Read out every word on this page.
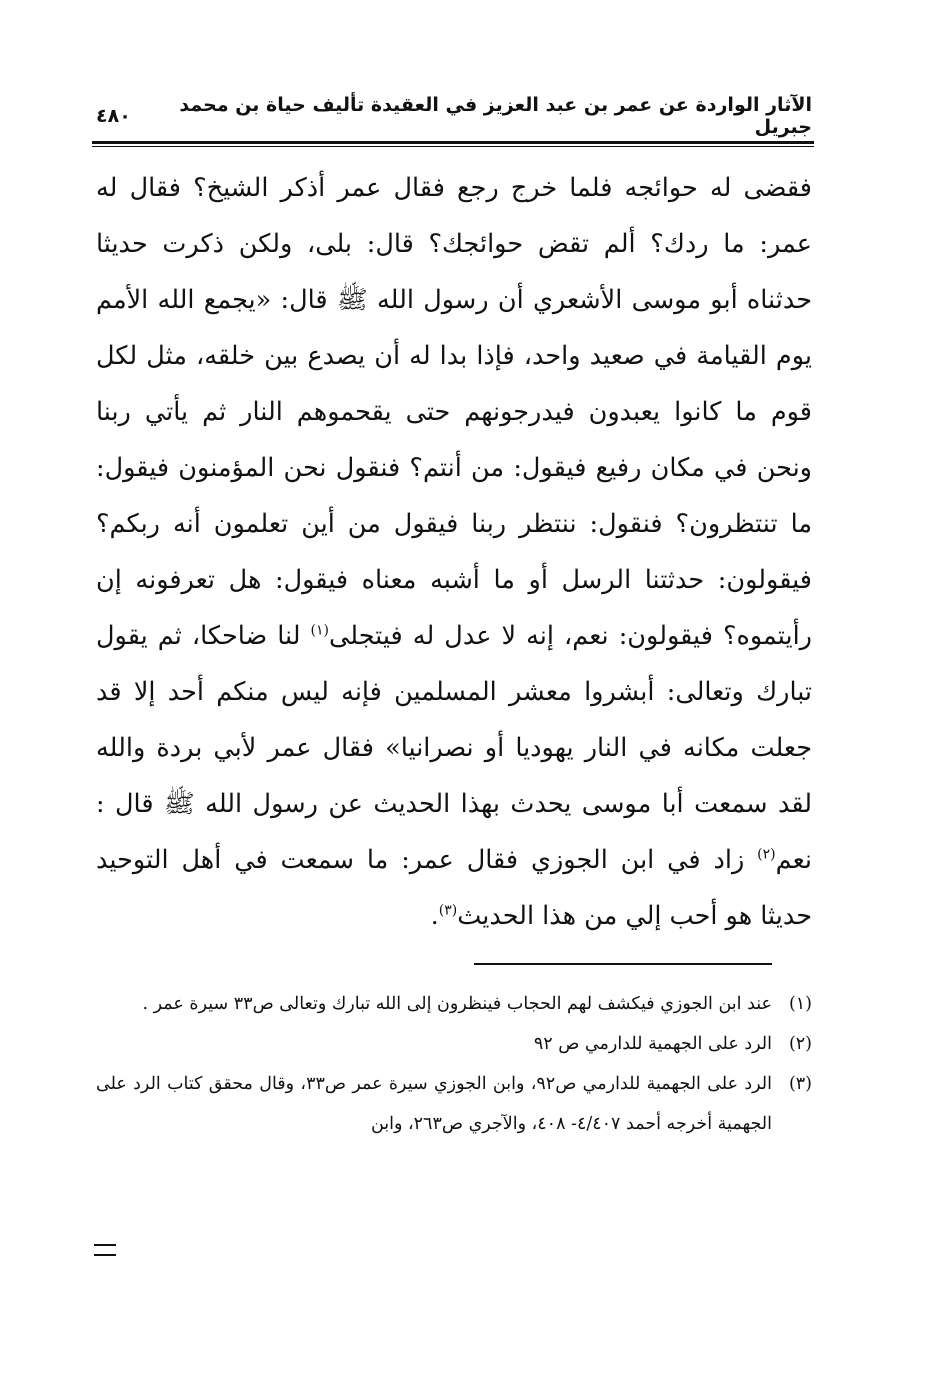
الآثار الواردة عن عمر بن عبد العزيز في العقيدة تأليف حياة بن محمد جبريل
٤٨٠

فقضى له حوائجه فلما خرج رجع فقال عمر أذكر الشيخ؟ فقال له عمر: ما ردك؟ ألم تقض حوائجك؟ قال: بلى، ولكن ذكرت حديثا حدثناه أبو موسى الأشعري أن رسول الله ﷺ قال: «يجمع الله الأمم يوم القيامة في صعيد واحد، فإذا بدا له أن يصدع بين خلقه، مثل لكل قوم ما كانوا يعبدون فيدرجونهم حتى يقحموهم النار ثم يأتي ربنا ونحن في مكان رفيع فيقول: من أنتم؟ فنقول نحن المؤمنون فيقول: ما تنتظرون؟ فنقول: ننتظر ربنا فيقول من أين تعلمون أنه ربكم؟ فيقولون: حدثتنا الرسل أو ما أشبه معناه فيقول: هل تعرفونه إن رأيتموه؟ فيقولون: نعم، إنه لا عدل له فيتجلى$^{(١)}$ لنا ضاحكا، ثم يقول تبارك وتعالى: أبشروا معشر المسلمين فإنه ليس منكم أحد إلا قد جعلت مكانه في النار يهوديا أو نصرانيا» فقال عمر لأبي بردة والله لقد سمعت أبا موسى يحدث بهذا الحديث عن رسول الله ﷺ قال : نعم$^{(٢)}$ زاد في ابن الجوزي فقال عمر: ما سمعت في أهل التوحيد حديثا هو أحب إلي من هذا الحديث$^{(٣)}$.

(١)
عند ابن الجوزي فيكشف لهم الحجاب فينظرون إلى الله تبارك وتعالى ص٣٣ سيرة عمر .
(٢)
الرد على الجهمية للدارمي ص ٩٢
(٣)
الرد على الجهمية للدارمي ص٩٢، وابن الجوزي سيرة عمر ص٣٣، وقال محقق كتاب الرد على الجهمية أخرجه أحمد ٤/٤٠٧- ٤٠٨، والآجري ص٢٦٣، وابن
